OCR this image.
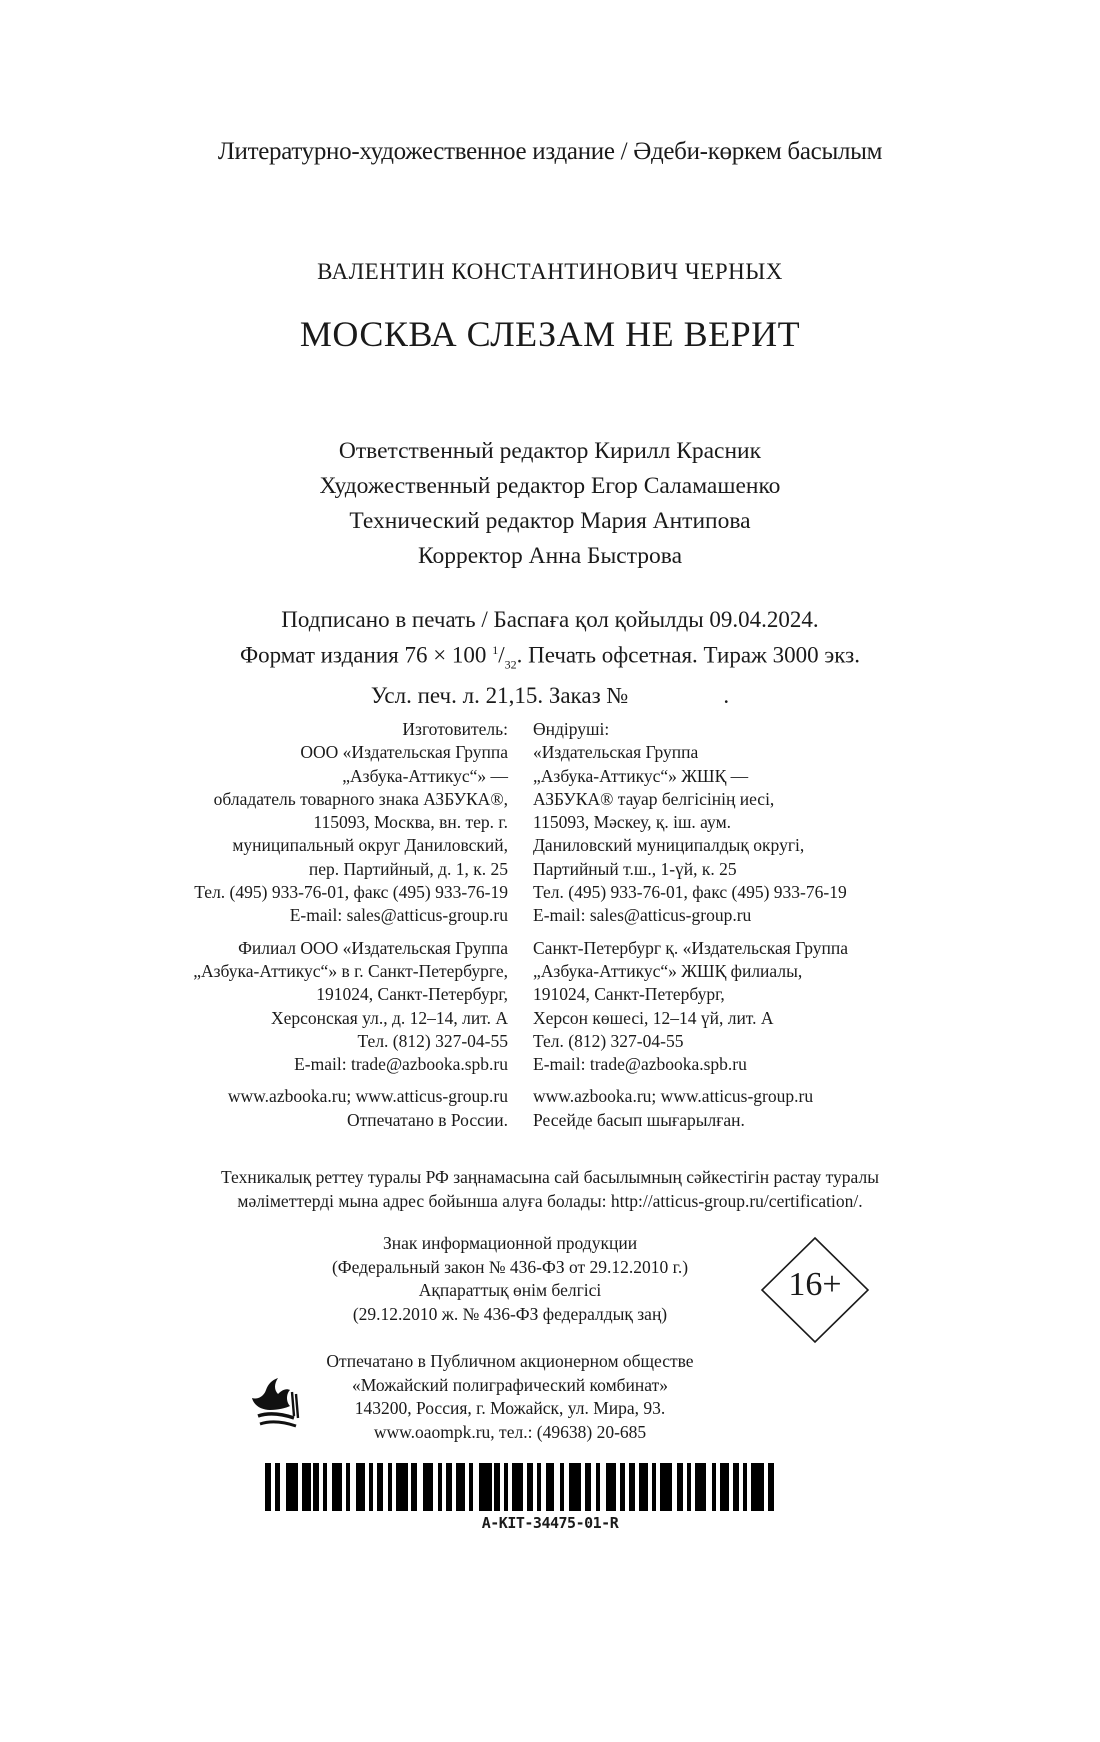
Литературно-художественное издание / Әдеби-көркем басылым
ВАЛЕНТИН КОНСТАНТИНОВИЧ ЧЕРНЫХ
МОСКВА СЛЕЗАМ НЕ ВЕРИТ
Ответственный редактор Кирилл Красник
Художественный редактор Егор Саламашенко
Технический редактор Мария Антипова
Корректор Анна Быстрова
Подписано в печать / Баспаға қол қойылды 09.04.2024.
Формат издания 76 × 100 $^1/_{32}$. Печать офсетная. Тираж 3000 экз.
Усл. печ. л. 21,15. Заказ №	.
Изготовитель:
ООО «Издательская Группа
„Азбука-Аттикус“» —
обладатель товарного знака АЗБУКА®,
115093, Москва, вн. тер. г.
муниципальный округ Даниловский,
пер. Партийный, д. 1, к. 25
Тел. (495) 933-76-01, факс (495) 933-76-19
E-mail: sales@atticus-group.ru
Филиал ООО «Издательская Группа
„Азбука-Аттикус“» в г. Санкт-Петербурге,
191024, Санкт-Петербург,
Херсонская ул., д. 12–14, лит. А
Тел. (812) 327-04-55
E-mail: trade@azbooka.spb.ru
www.azbooka.ru; www.atticus-group.ru
Отпечатано в России.
Өндіруші:
«Издательская Группа
„Азбука-Аттикус“» ЖШҚ —
АЗБУКА® тауар белгісінің иесі,
115093, Мәскеу, қ. іш. аум.
Даниловский муниципалдық округі,
Партийный т.ш., 1-үй, к. 25
Тел. (495) 933-76-01, факс (495) 933-76-19
E-mail: sales@atticus-group.ru
Санкт-Петербург қ. «Издательская Группа
„Азбука-Аттикус“» ЖШҚ филиалы,
191024, Санкт-Петербург,
Херсон көшесі, 12–14 үй, лит. А
Тел. (812) 327-04-55
E-mail: trade@azbooka.spb.ru
www.azbooka.ru; www.atticus-group.ru
Ресейде басып шығарылған.
Техникалық реттеу туралы РФ заңнамасына сай басылымның сәйкестігін растау туралы
мәліметтерді мына адрес бойынша алуға болады: http://atticus-group.ru/certification/.
Знак информационной продукции
(Федеральный закон № 436-ФЗ от 29.12.2010 г.)
Ақпараттық өнім белгісі
(29.12.2010 ж. № 436-ФЗ федералдық заң)
16+
Отпечатано в Публичном акционерном обществе
«Можайский полиграфический комбинат»
143200, Россия, г. Можайск, ул. Мира, 93.
www.oaompk.ru, тел.: (49638) 20-685
A-KIT-34475-01-R
